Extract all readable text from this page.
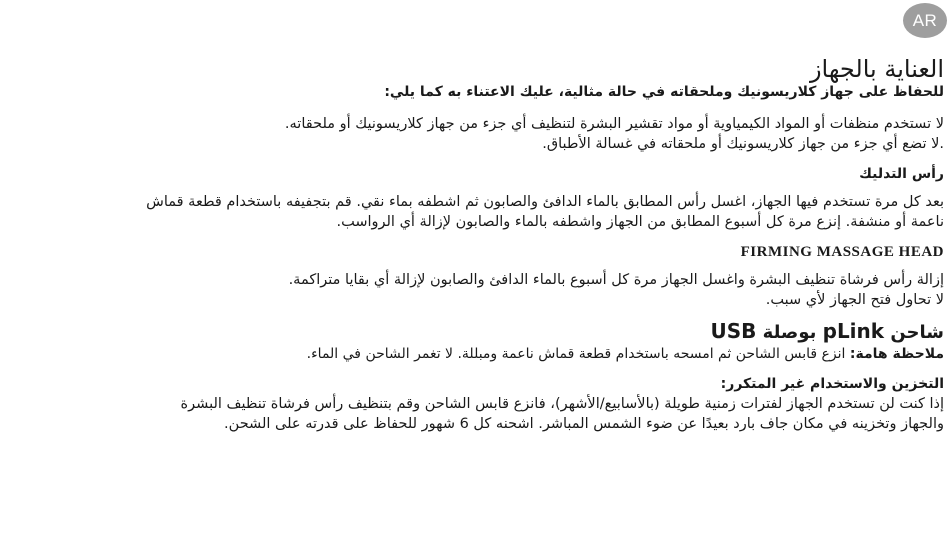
AR
العناية بالجهاز

للحفاظ على جهاز كلاريسونيك وملحقاته في حالة مثالية، عليك الاعتناء به كما يلي:

لا تستخدم منظفات أو المواد الكيمياوية أو مواد تقشير البشرة لتنظيف أي جزء من جهاز كلاريسونيك أو ملحقاته.

.لا تضع أي جزء من جهاز كلاريسونيك أو ملحقاته في غسالة الأطباق.

رأس التدليك

بعد كل مرة تستخدم فيها الجهاز، اغسل رأس المطابق بالماء الدافئ والصابون ثم اشطفه بماء نقي. قم بتجفيفه باستخدام قطعة قماش

ناعمة أو منشفة. إنزع مرة كل أسبوع المطابق من الجهاز واشطفه بالماء والصابون لإزالة أي الرواسب.

FIRMING MASSAGE HEAD

إزالة رأس فرشاة تنظيف البشرة واغسل الجهاز مرة كل أسبوع بالماء الدافئ والصابون لإزالة أي بقايا متراكمة.

لا تحاول فتح الجهاز لأي سبب.

شاحن pLink بوصلة USB

ملاحظة هامة: انزع قابس الشاحن ثم امسحه باستخدام قطعة قماش ناعمة ومبللة. لا تغمر الشاحن في الماء.

التخزين والاستخدام غير المتكرر:

إذا كنت لن تستخدم الجهاز لفترات زمنية طويلة (بالأسابيع/الأشهر)، فانزع قابس الشاحن وقم بتنظيف رأس فرشاة تنظيف البشرة

والجهاز وتخزينه في مكان جاف بارد بعيدًا عن ضوء الشمس المباشر. اشحنه كل 6 شهور للحفاظ على قدرته على الشحن.
